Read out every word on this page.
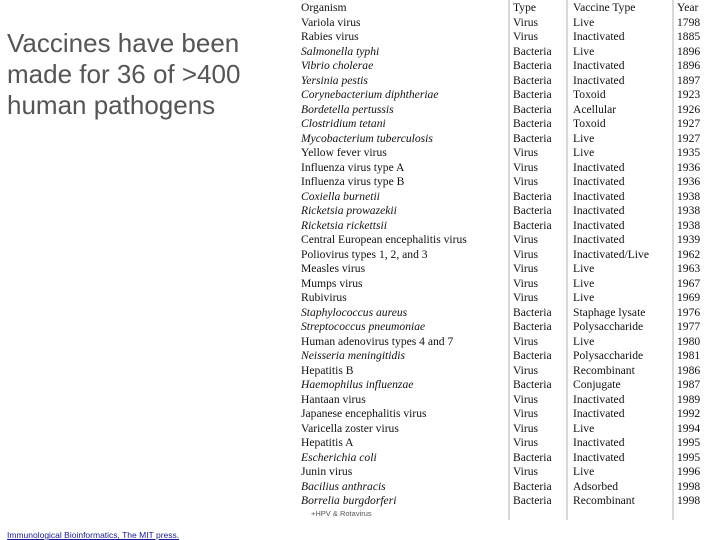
Vaccines have been made for 36 of >400 human pathogens
Organism	Type	Vaccine Type	Year
Variola virus	Virus	Live	1798
Rabies virus	Virus	Inactivated	1885
Salmonella typhi	Bacteria	Live	1896
Vibrio cholerae	Bacteria	Inactivated	1896
Yersinia pestis	Bacteria	Inactivated	1897
Corynebacterium diphtheriae	Bacteria	Toxoid	1923
Bordetella pertussis	Bacteria	Acellular	1926
Clostridium tetani	Bacteria	Toxoid	1927
Mycobacterium tuberculosis	Bacteria	Live	1927
Yellow fever virus	Virus	Live	1935
Influenza virus type A	Virus	Inactivated	1936
Influenza virus type B	Virus	Inactivated	1936
Coxiella burnetii	Bacteria	Inactivated	1938
Ricketsia prowazekii	Bacteria	Inactivated	1938
Ricketsia rickettsii	Bacteria	Inactivated	1938
Central European encephalitis virus	Virus	Inactivated	1939
Poliovirus types 1, 2, and 3	Virus	Inactivated/Live	1962
Measles virus	Virus	Live	1963
Mumps virus	Virus	Live	1967
Rubivirus	Virus	Live	1969
Staphylococcus aureus	Bacteria	Staphage lysate	1976
Streptococcus pneumoniae	Bacteria	Polysaccharide	1977
Human adenovirus types 4 and 7	Virus	Live	1980
Neisseria meningitidis	Bacteria	Polysaccharide	1981
Hepatitis B	Virus	Recombinant	1986
Haemophilus influenzae	Bacteria	Conjugate	1987
Hantaan virus	Virus	Inactivated	1989
Japanese encephalitis virus	Virus	Inactivated	1992
Varicella zoster virus	Virus	Live	1994
Hepatitis A	Virus	Inactivated	1995
Escherichia coli	Bacteria	Inactivated	1995
Junin virus	Virus	Live	1996
Bacilius anthracis	Bacteria	Adsorbed	1998
Borrelia burgdorferi	Bacteria	Recombinant	1998
+HPV & Rotavirus
Immunological Bioinformatics, The MIT press.
